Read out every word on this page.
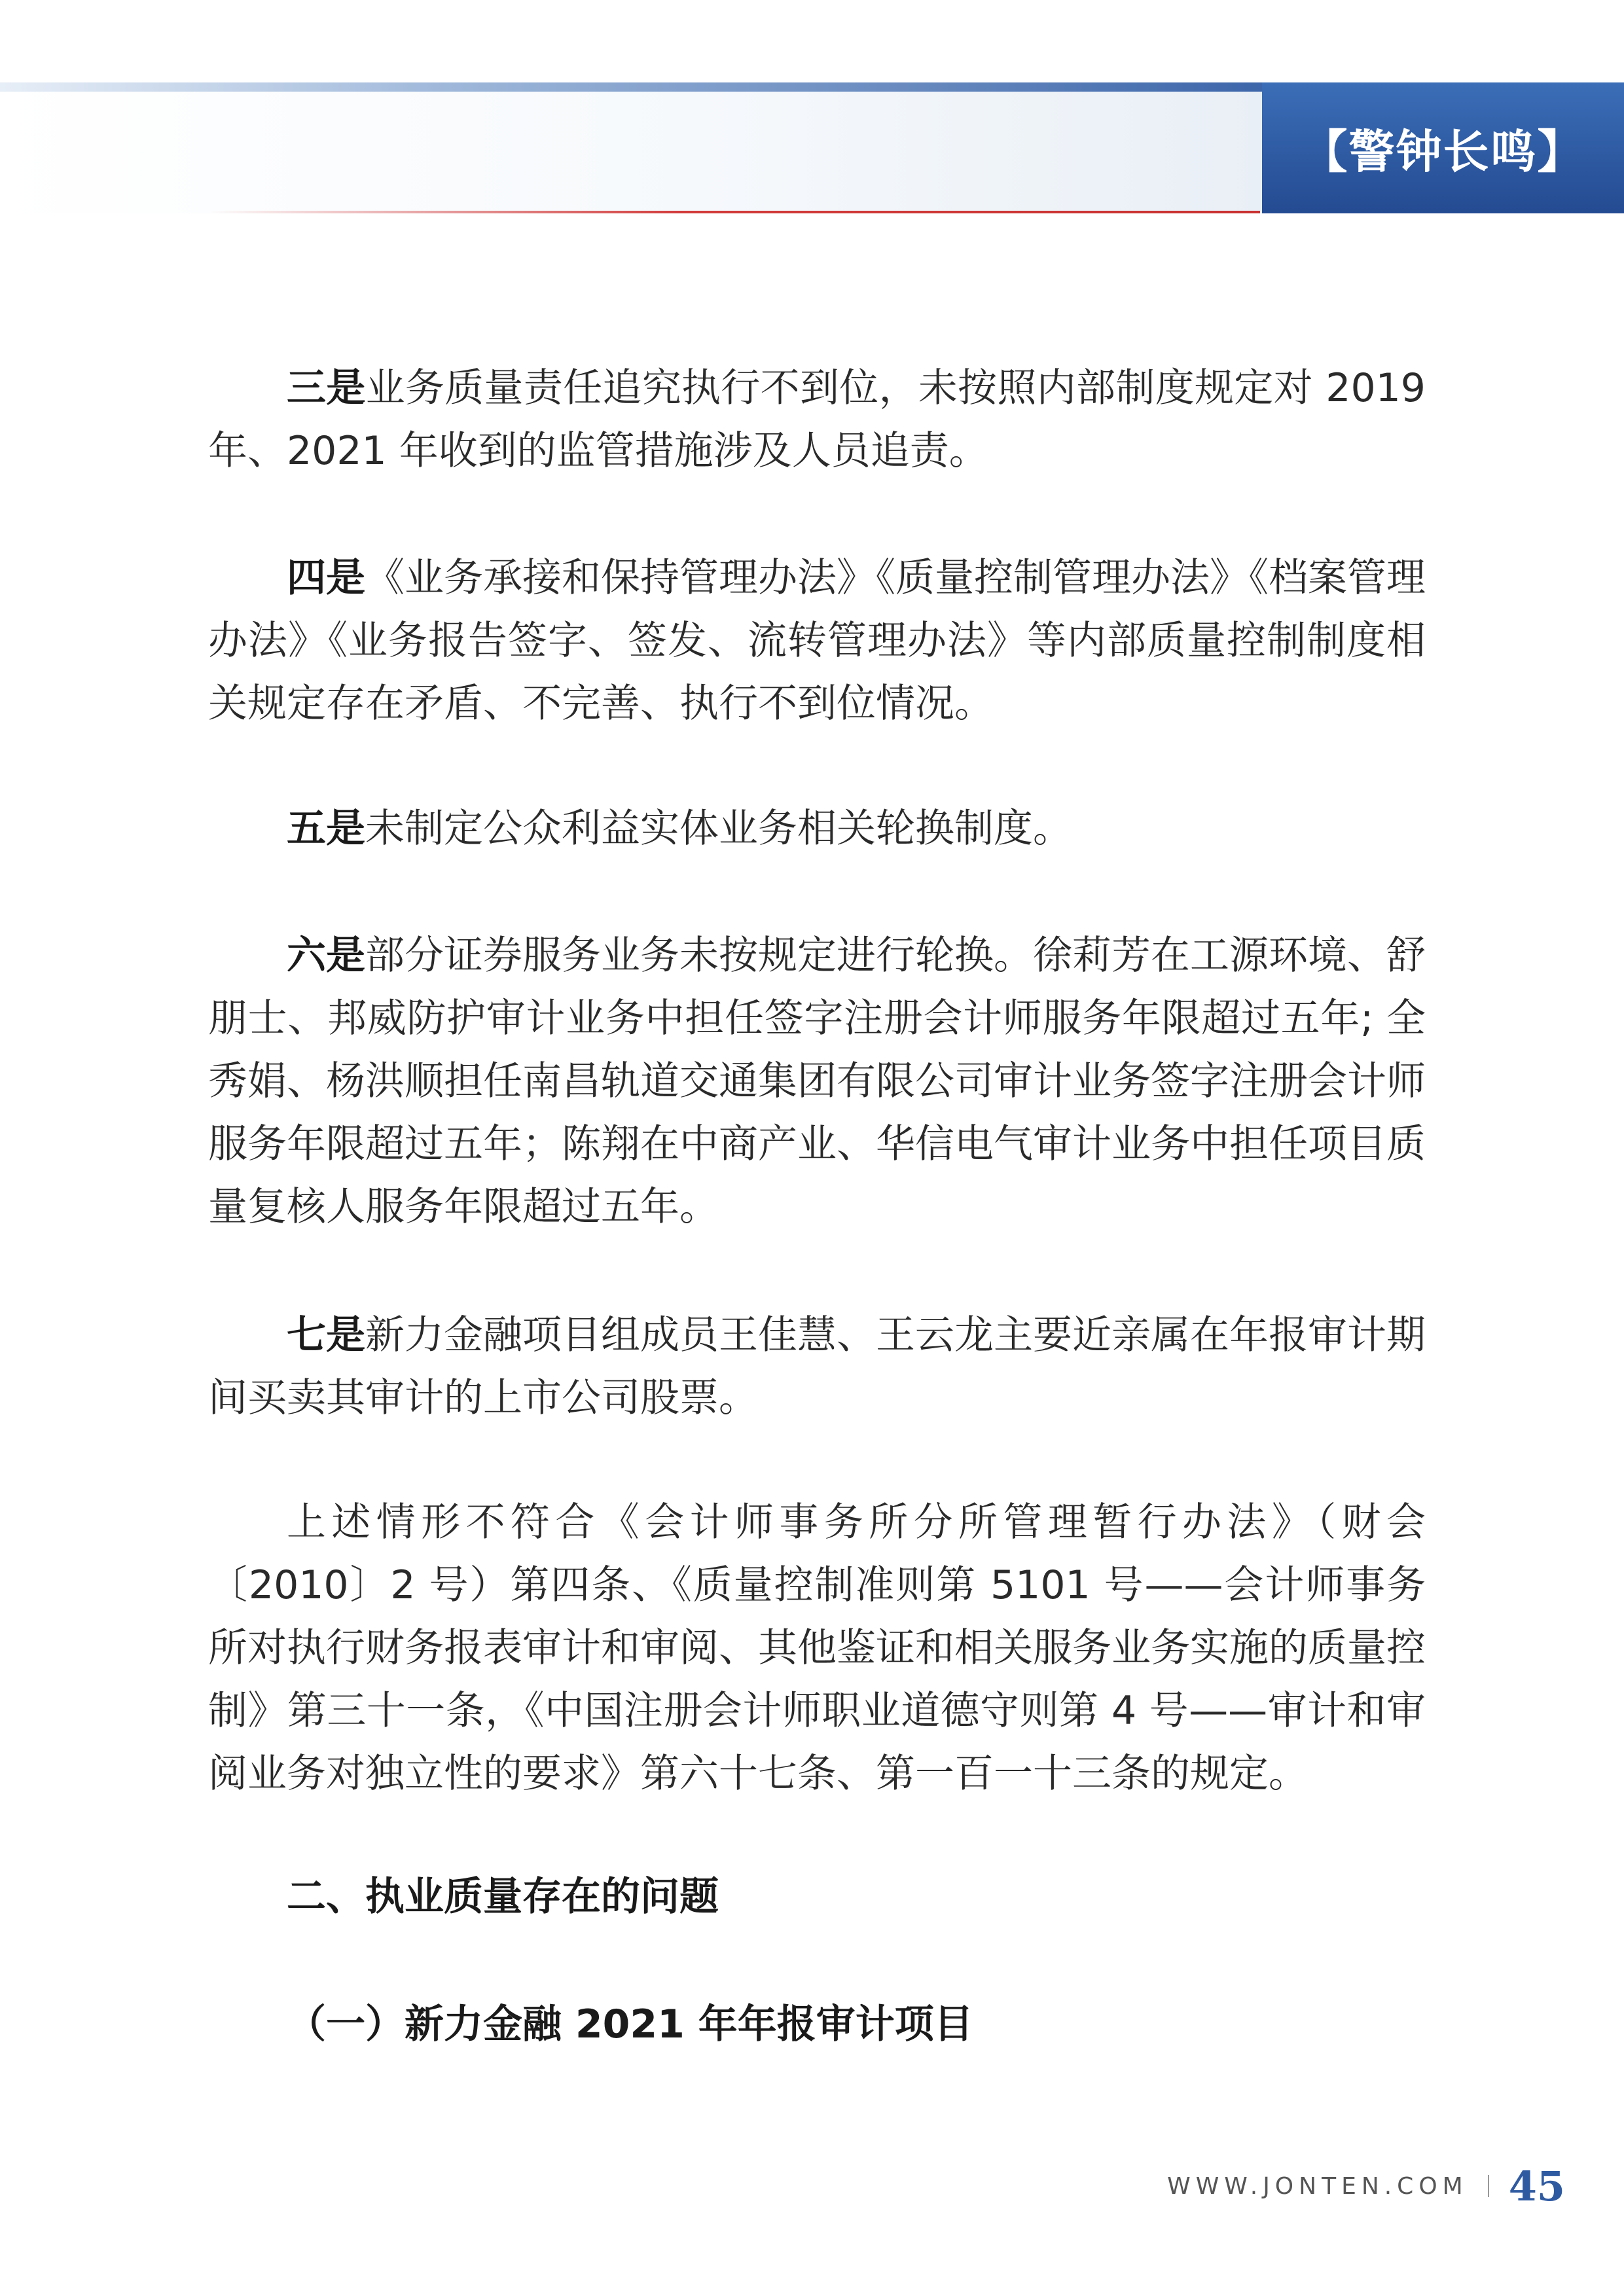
【警钟长鸣】

三是业务质量责任追究执行不到位，未按照内部制度规定对 2019 年、2021 年收到的监管措施涉及人员追责。

四是《业务承接和保持管理办法》《质量控制管理办法》《档案管理办法》《业务报告签字、签发、流转管理办法》等内部质量控制制度相关规定存在矛盾、不完善、执行不到位情况。

五是未制定公众利益实体业务相关轮换制度。

六是部分证券服务业务未按规定进行轮换。徐莉芳在工源环境、舒朋士、邦威防护审计业务中担任签字注册会计师服务年限超过五年; 全秀娟、杨洪顺担任南昌轨道交通集团有限公司审计业务签字注册会计师服务年限超过五年；陈翔在中商产业、华信电气审计业务中担任项目质量复核人服务年限超过五年。

七是新力金融项目组成员王佳慧、王云龙主要近亲属在年报审计期间买卖其审计的上市公司股票。

上述情形不符合《会计师事务所分所管理暂行办法》（财会〔2010〕2 号）第四条、《质量控制准则第 5101 号——会计师事务所对执行财务报表审计和审阅、其他鉴证和相关服务业务实施的质量控制》第三十一条，《中国注册会计师职业道德守则第 4 号——审计和审阅业务对独立性的要求》第六十七条、第一百一十三条的规定。

二、执业质量存在的问题
（一）新力金融 2021 年年报审计项目
WWW.JONTEN.COM 45
